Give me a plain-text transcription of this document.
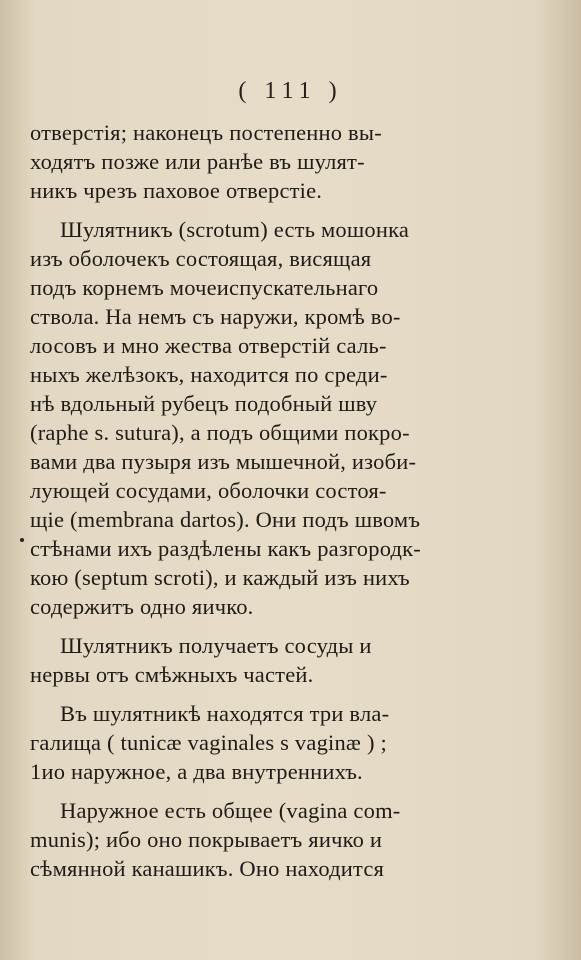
( 111 )
отверстія; наконецъ постепенно вы-
ходятъ позже или ранѣе въ шулят-
никъ чрезъ паховое отверстіе.
Шулятникъ (scrotum) есть мошонка
изъ оболочекъ состоящая, висящая
подъ корнемъ мочеиспускательнаго
ствола. На немъ съ наружи, кромѣ во-
лосовъ и мно жества отверстій саль-
ныхъ желѣзокъ, находится по среди-
нѣ вдольный рубецъ подобный шву
(raphe s. sutura), а подъ общими покро-
вами два пузыря изъ мышечной, изоби-
лующей сосудами, оболочки состоя-
щіе (membrana dartos). Они подъ швомъ
стѣнами ихъ раздѣлены какъ разгородк-
кою (septum scroti), и каждый изъ нихъ
содержитъ одно яичко.
Шулятникъ получаетъ сосуды и
нервы отъ смѣжныхъ частей.
Въ шулятникѣ находятся три вла-
галища ( tunicæ vaginales s vaginæ ) ;
1ио наружное, а два внутреннихъ.
Наружное есть общее (vagina com-
munis); ибо оно покрываетъ яичко и
сѣмянной канашикъ. Оно находится
